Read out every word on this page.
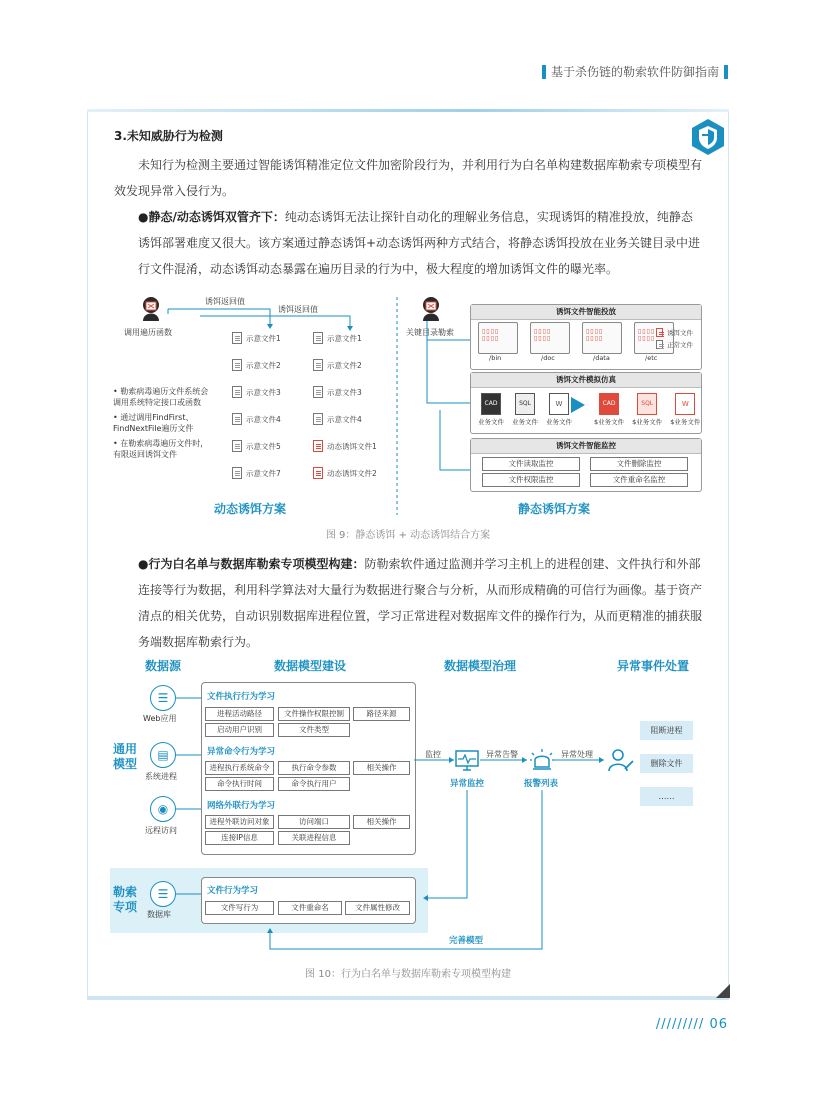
基于杀伤链的勒索软件防御指南
3.未知威胁行为检测

未知行为检测主要通过智能诱饵精准定位文件加密阶段行为，并利用行为白名单构建数据库勒索专项模型有效发现异常入侵行为。

●静态/动态诱饵双管齐下：纯动态诱饵无法让探针自动化的理解业务信息，实现诱饵的精准投放，纯静态诱饵部署难度又很大。该方案通过静态诱饵+动态诱饵两种方式结合，将静态诱饵投放在业务关键目录中进行文件混淆，动态诱饵动态暴露在遍历目录的行为中，极大程度的增加诱饵文件的曝光率。

调用遍历函数
诱饵返回值
诱饵返回值
示意文件1
示意文件2
示意文件3
示意文件4
示意文件5
示意文件7
示意文件1
示意文件2
示意文件3
示意文件4
动态诱饵文件1
动态诱饵文件2
• 勒索病毒遍历文件系统会调用系统特定接口或函数
• 通过调用FindFirst、FindNextFile遍历文件
• 在勒索病毒遍历文件时，有限返回诱饵文件
动态诱饵方案
关键目录勒索
诱饵文件智能投放
▯▯▯▯
▯▯▯▯
/bin
▯▯▯▯
▯▯▯▯
/doc
▯▯▯▯
▯▯▯▯
/data
▯▯▯▯
▯▯▯▯
/etc
诱饵文件
正常文件
诱饵文件模拟仿真
CAD
业务文件
SQL
业务文件
W
业务文件
CAD
$业务文件
SQL
$业务文件
W
$业务文件
诱饵文件智能监控
文件读取监控	文件删除监控
文件权限监控	文件重命名监控
静态诱饵方案
图 9：静态诱饵 + 动态诱饵结合方案

●行为白名单与数据库勒索专项模型构建：防勒索软件通过监测并学习主机上的进程创建、文件执行和外部连接等行为数据，利用科学算法对大量行为数据进行聚合与分析，从而形成精确的可信行为画像。基于资产清点的相关优势，自动识别数据库进程位置，学习正常进程对数据库文件的操作行为，从而更精准的捕获服务端数据库勒索行为。

数据源	数据模型建设	数据模型治理	异常事件处置
通用模型
勒索专项
☰
Web应用
▤
系统进程
◉
远程访问
☰
数据库
文件执行行为学习
进程活动路径	文件操作权限控制	路径来源
启动用户识别	文件类型
异常命令行为学习
进程执行系统命令	执行命令参数	相关操作
命令执行时间	命令执行用户
网络外联行为学习
进程外联访问对象	访问端口	相关操作
连接IP信息	关联进程信息
文件行为学习
文件写行为	文件重命名	文件属性修改
监控	异常告警	异常处理
异常监控	报警列表
完善模型
阻断进程
删除文件
……
图 10：行为白名单与数据库勒索专项模型构建
///////// 06
